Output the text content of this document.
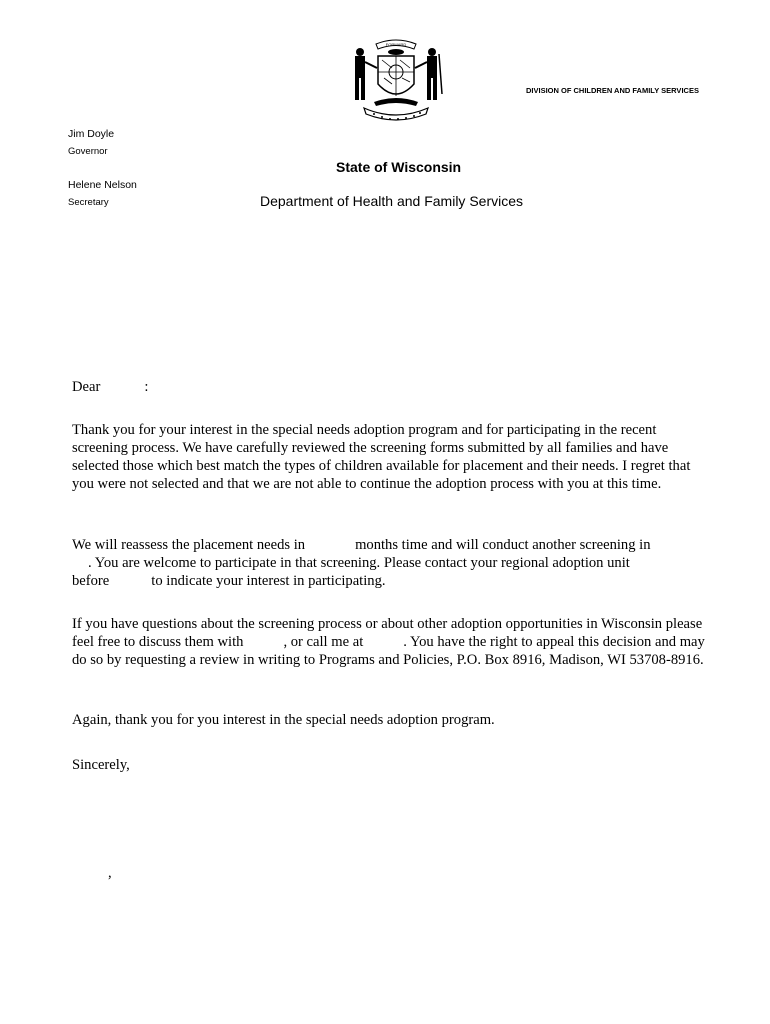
FORWARD
DIVISION OF CHILDREN AND FAMILY SERVICES
Jim Doyle
Governor
Helene Nelson
Secretary
State of Wisconsin
Department of Health and Family Services
Dear	:
Thank you for your interest in the special needs adoption program and for participating in the recent screening process. We have carefully reviewed the screening forms submitted by all families and have selected those which best match the types of children available for placement and their needs. I regret that you were not selected and that we are not able to continue the adoption process with you at this time.
We will reassess the placement needs in	months time and will conduct another screening in
. You are welcome to participate in that screening. Please contact your regional adoption unit
before	to indicate your interest in participating.
If you have questions about the screening process or about other adoption opportunities in Wisconsin please feel free to discuss them with	, or call me at	. You have the right to appeal this decision and may do so by requesting a review in writing to Programs and Policies, P.O. Box 8916, Madison, WI 53708-8916.
Again, thank you for you interest in the special needs adoption program.
Sincerely,
,
